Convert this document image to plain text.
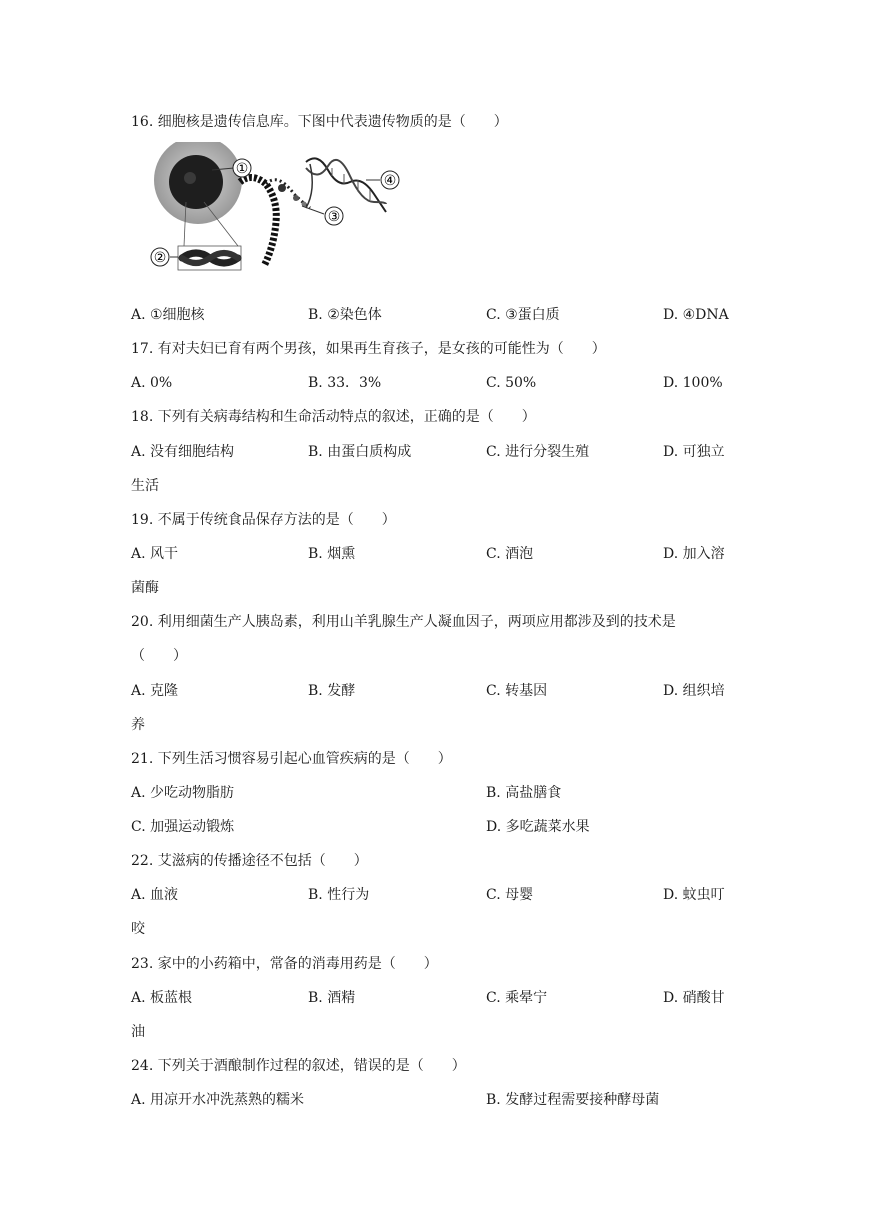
16. 细胞核是遗传信息库。下图中代表遗传物质的是（　　）
①
②
③
④
A. ①细胞核	B. ②染色体	C. ③蛋白质	D. ④DNA
17. 有对夫妇已育有两个男孩，如果再生育孩子，是女孩的可能性为（　　）
A. 0%	B. 33．3%	C. 50%	D. 100%
18. 下列有关病毒结构和生命活动特点的叙述，正确的是（　　）
A. 没有细胞结构	B. 由蛋白质构成	C. 进行分裂生殖	D. 可独立
生活
19. 不属于传统食品保存方法的是（　　）
A. 风干	B. 烟熏	C. 酒泡	D. 加入溶
菌酶
20. 利用细菌生产人胰岛素，利用山羊乳腺生产人凝血因子，两项应用都涉及到的技术是
（　　）
A. 克隆	B. 发酵	C. 转基因	D. 组织培
养
21. 下列生活习惯容易引起心血管疾病的是（　　）
A. 少吃动物脂肪	B. 高盐膳食
C. 加强运动锻炼	D. 多吃蔬菜水果
22. 艾滋病的传播途径不包括（　　）
A. 血液	B. 性行为	C. 母婴	D. 蚊虫叮
咬
23. 家中的小药箱中，常备的消毒用药是（　　）
A. 板蓝根	B. 酒精	C. 乘晕宁	D. 硝酸甘
油
24. 下列关于酒酿制作过程的叙述，错误的是（　　）
A. 用凉开水冲洗蒸熟的糯米	B. 发酵过程需要接种酵母菌
